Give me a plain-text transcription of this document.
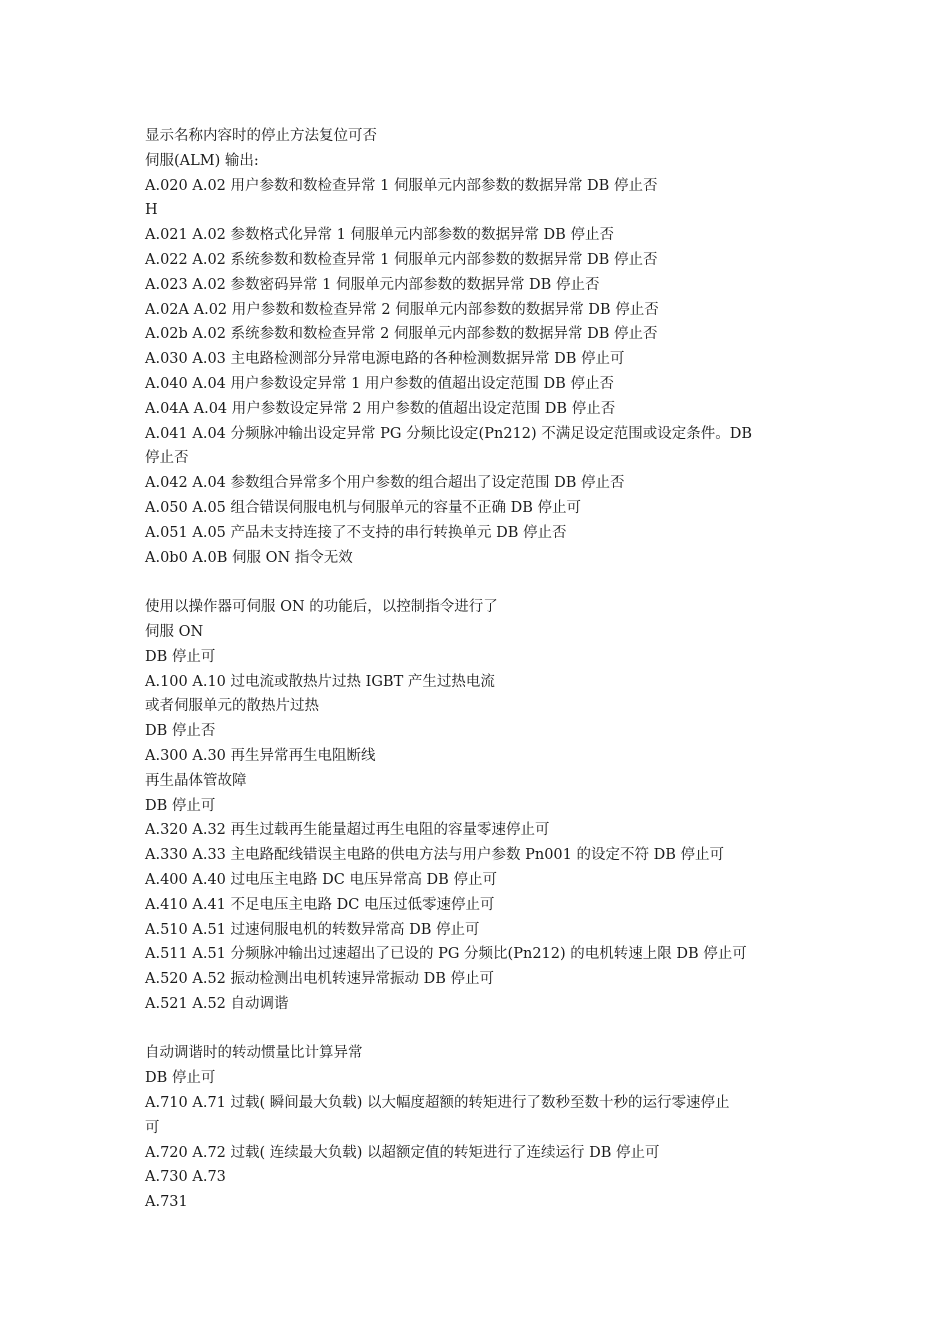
显示名称内容时的停止方法复位可否
伺服(ALM) 输出:
A.020 A.02 用户参数和数检查异常 1 伺服单元内部参数的数据异常 DB 停止否
H
A.021 A.02 参数格式化异常 1 伺服单元内部参数的数据异常 DB 停止否
A.022 A.02 系统参数和数检查异常 1 伺服单元内部参数的数据异常 DB 停止否
A.023 A.02 参数密码异常 1 伺服单元内部参数的数据异常 DB 停止否
A.02A A.02 用户参数和数检查异常 2 伺服单元内部参数的数据异常 DB 停止否
A.02b A.02 系统参数和数检查异常 2 伺服单元内部参数的数据异常 DB 停止否
A.030 A.03 主电路检测部分异常电源电路的各种检测数据异常 DB 停止可
A.040 A.04 用户参数设定异常 1 用户参数的值超出设定范围 DB 停止否
A.04A A.04 用户参数设定异常 2 用户参数的值超出设定范围 DB 停止否
A.041 A.04 分频脉冲输出设定异常 PG 分频比设定(Pn212) 不满足设定范围或设定条件。DB
停止否
A.042 A.04 参数组合异常多个用户参数的组合超出了设定范围 DB 停止否
A.050 A.05 组合错误伺服电机与伺服单元的容量不正确 DB 停止可
A.051 A.05 产品未支持连接了不支持的串行转换单元 DB 停止否
A.0b0 A.0B 伺服 ON 指令无效
使用以操作器可伺服 ON 的功能后，以控制指令进行了
伺服 ON
DB 停止可
A.100 A.10 过电流或散热片过热 IGBT 产生过热电流
或者伺服单元的散热片过热
DB 停止否
A.300 A.30 再生异常再生电阻断线
再生晶体管故障
DB 停止可
A.320 A.32 再生过载再生能量超过再生电阻的容量零速停止可
A.330 A.33 主电路配线错误主电路的供电方法与用户参数 Pn001 的设定不符 DB 停止可
A.400 A.40 过电压主电路 DC 电压异常高 DB 停止可
A.410 A.41 不足电压主电路 DC 电压过低零速停止可
A.510 A.51 过速伺服电机的转数异常高 DB 停止可
A.511 A.51 分频脉冲输出过速超出了已设的 PG 分频比(Pn212) 的电机转速上限 DB 停止可
A.520 A.52 振动检测出电机转速异常振动 DB 停止可
A.521 A.52 自动调谐
自动调谐时的转动惯量比计算异常
DB 停止可
A.710 A.71 过载( 瞬间最大负载) 以大幅度超额的转矩进行了数秒至数十秒的运行零速停止
可
A.720 A.72 过载( 连续最大负载) 以超额定值的转矩进行了连续运行 DB 停止可
A.730 A.73
A.731
